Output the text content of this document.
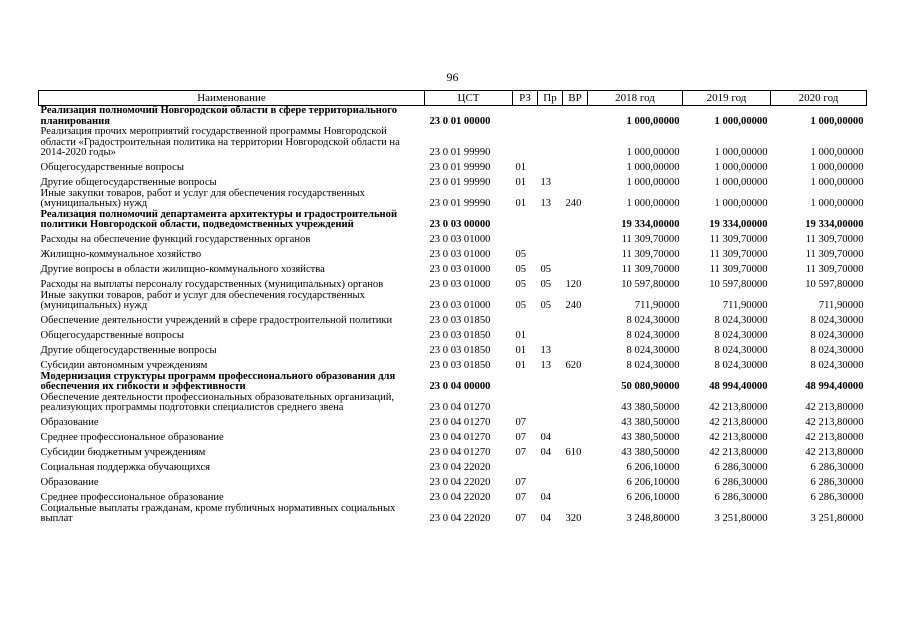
96
Наименование	ЦСТ	РЗ	Пр	ВР	2018 год	2019 год	2020 год
Реализация полномочий Новгородской области в сфере территориального планирования	23 0 01 00000				1 000,00000	1 000,00000	1 000,00000
Реализация прочих мероприятий государственной программы Новгородской области «Градостроительная политика на территории Новгородской области на 2014-2020 годы»	23 0 01 99990				1 000,00000	1 000,00000	1 000,00000
Общегосударственные вопросы	23 0 01 99990	01			1 000,00000	1 000,00000	1 000,00000
Другие общегосударственные вопросы	23 0 01 99990	01	13		1 000,00000	1 000,00000	1 000,00000
Иные закупки товаров, работ и услуг для обеспечения государственных (муниципальных) нужд	23 0 01 99990	01	13	240	1 000,00000	1 000,00000	1 000,00000
Реализация полномочий департамента архитектуры и градостроительной политики Новгородской области, подведомственных учреждений	23 0 03 00000				19 334,00000	19 334,00000	19 334,00000
Расходы на обеспечение функций государственных органов	23 0 03 01000				11 309,70000	11 309,70000	11 309,70000
Жилищно-коммунальное хозяйство	23 0 03 01000	05			11 309,70000	11 309,70000	11 309,70000
Другие вопросы в области жилищно-коммунального хозяйства	23 0 03 01000	05	05		11 309,70000	11 309,70000	11 309,70000
Расходы на выплаты персоналу государственных (муниципальных) органов	23 0 03 01000	05	05	120	10 597,80000	10 597,80000	10 597,80000
Иные закупки товаров, работ и услуг для обеспечения государственных (муниципальных) нужд	23 0 03 01000	05	05	240	711,90000	711,90000	711,90000
Обеспечение деятельности учреждений в сфере градостроительной политики	23 0 03 01850				8 024,30000	8 024,30000	8 024,30000
Общегосударственные вопросы	23 0 03 01850	01			8 024,30000	8 024,30000	8 024,30000
Другие общегосударственные вопросы	23 0 03 01850	01	13		8 024,30000	8 024,30000	8 024,30000
Субсидии автономным учреждениям	23 0 03 01850	01	13	620	8 024,30000	8 024,30000	8 024,30000
Модернизация структуры программ профессионального образования для обеспечения их гибкости и эффективности	23 0 04 00000				50 080,90000	48 994,40000	48 994,40000
Обеспечение деятельности профессиональных образовательных организаций, реализующих программы подготовки специалистов среднего звена	23 0 04 01270				43 380,50000	42 213,80000	42 213,80000
Образование	23 0 04 01270	07			43 380,50000	42 213,80000	42 213,80000
Среднее профессиональное образование	23 0 04 01270	07	04		43 380,50000	42 213,80000	42 213,80000
Субсидии бюджетным учреждениям	23 0 04 01270	07	04	610	43 380,50000	42 213,80000	42 213,80000
Социальная поддержка обучающихся	23 0 04 22020				6 206,10000	6 286,30000	6 286,30000
Образование	23 0 04 22020	07			6 206,10000	6 286,30000	6 286,30000
Среднее профессиональное образование	23 0 04 22020	07	04		6 206,10000	6 286,30000	6 286,30000
Социальные выплаты гражданам, кроме публичных нормативных социальных выплат	23 0 04 22020	07	04	320	3 248,80000	3 251,80000	3 251,80000
